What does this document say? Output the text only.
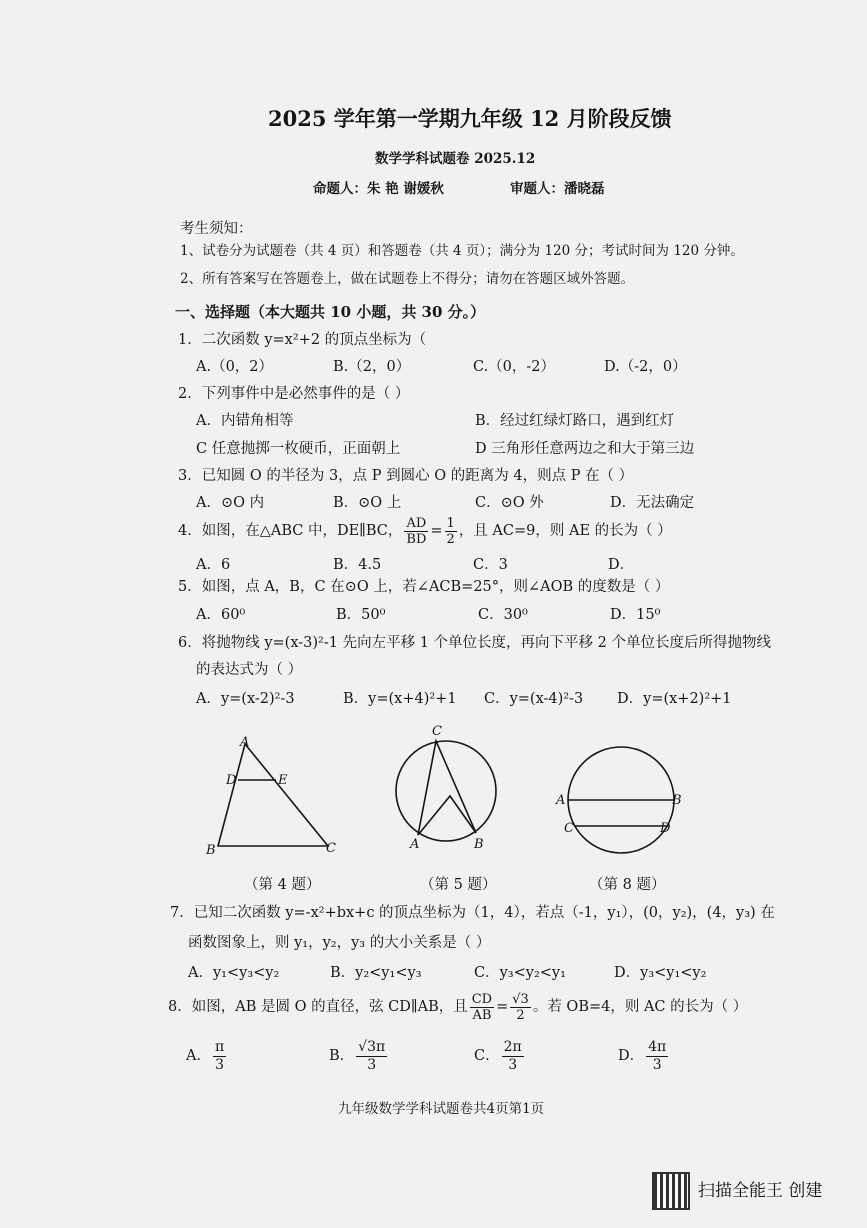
2025 学年第一学期九年级 12 月阶段反馈
数学学科试题卷 2025.12
命题人：朱 艳 谢媛秋	审题人：潘晓磊
考生须知：
1、试卷分为试题卷（共 4 页）和答题卷（共 4 页）；满分为 120 分；考试时间为 120 分钟。
2、所有答案写在答题卷上，做在试题卷上不得分；请勿在答题区域外答题。
一、选择题（本大题共 10 小题，共 30 分。）
1．二次函数 y=x²+2 的顶点坐标为（
A.（0，2）	B.（2，0）	C.（0，-2）	D.（-2，0）
2．下列事件中是必然事件的是（ ）
A．内错角相等	B．经过红绿灯路口，遇到红灯
C 任意抛掷一枚硬币，正面朝上	D 三角形任意两边之和大于第三边
3．已知圆 O 的半径为 3，点 P 到圆心 O 的距离为 4，则点 P 在（ ）
A．⊙O 内	B．⊙O 上	C．⊙O 外	D．无法确定
4．如图，在△ABC 中，DE∥BC， $\frac{AD}{BD} = \frac{1}{2}$ ，且 AC=9，则 AE 的长为（ ）
A．6	B．4.5	C．3	D．
5．如图，点 A，B，C 在⊙O 上，若∠ACB=25°，则∠AOB 的度数是（ ）
A．60⁰	B．50⁰	C．30⁰	D．15⁰
6．将抛物线 y=(x-3)²-1 先向左平移 1 个单位长度，再向下平移 2 个单位长度后所得抛物线
的表达式为（ ）
A．y=(x-2)²-3	B．y=(x+4)²+1 C．y=(x-4)²-3 D．y=(x+2)²+1
A
D	E
B	C
（第 4 题）
C
A	B
（第 5 题）
A	B
C	D
（第 8 题）
7．已知二次函数 y=-x²+bx+c 的顶点坐标为（1，4），若点（-1，y₁），(0，y₂)，(4，y₃) 在
函数图象上，则 y₁，y₂，y₃ 的大小关系是（ ）
A．y₁<y₃<y₂	B．y₂<y₁<y₃	C．y₃<y₂<y₁	D．y₃<y₁<y₂
8．如图，AB 是圆 O 的直径，弦 CD∥AB，且 $\frac{CD}{AB} = \frac{√3}{2}$ 。若 OB=4，则 AC 的长为（ ）
A． $\frac{\pi}{3}$	B． $\frac{√3\pi}{3}$	C． $\frac{2\pi}{3}$	D． $\frac{4\pi}{3}$
九年级数学学科试题卷共4页第1页
扫描全能王 创建
